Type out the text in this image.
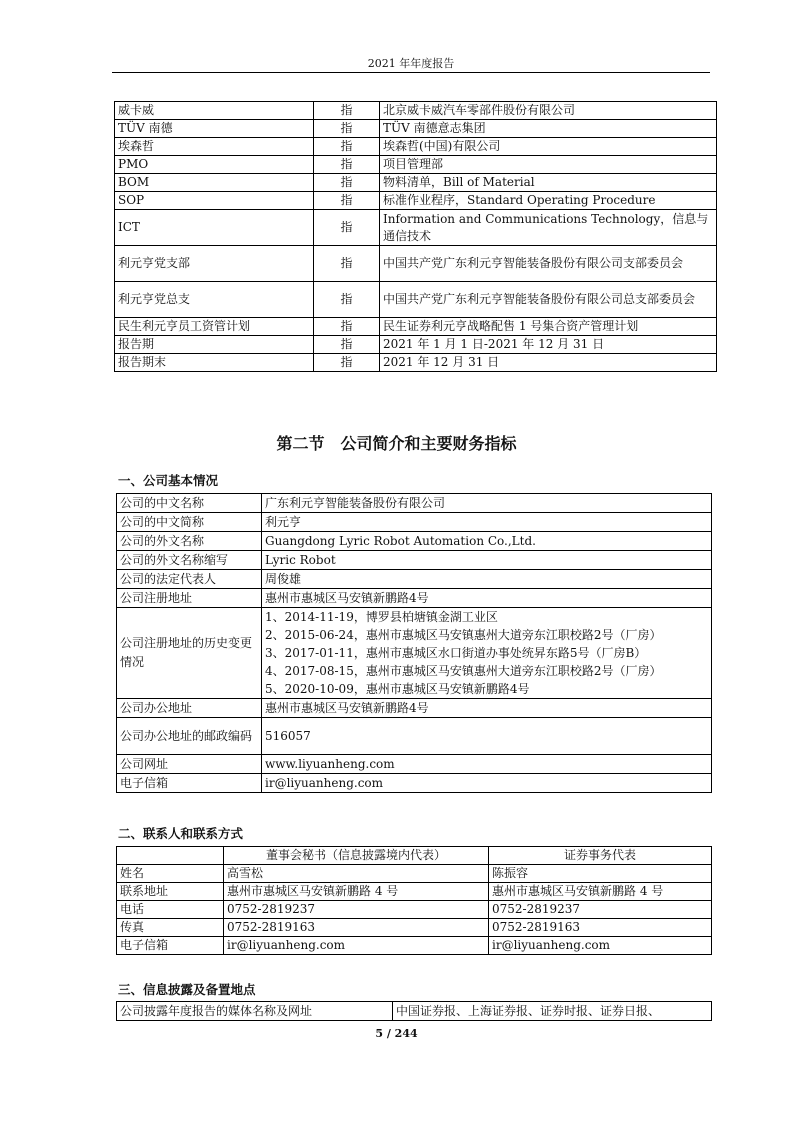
2021 年年度报告
威卡威	指	北京威卡威汽车零部件股份有限公司
TÜV 南德	指	TÜV 南德意志集团
埃森哲	指	埃森哲(中国)有限公司
PMO	指	项目管理部
BOM	指	物料清单，Bill of Material
SOP	指	标准作业程序，Standard Operating Procedure
ICT	指	Information and Communications Technology，信息与通信技术
利元亨党支部	指	中国共产党广东利元亨智能装备股份有限公司支部委员会
利元亨党总支	指	中国共产党广东利元亨智能装备股份有限公司总支部委员会
民生利元亨员工资管计划	指	民生证券利元亨战略配售 1 号集合资产管理计划
报告期	指	2021 年 1 月 1 日-2021 年 12 月 31 日
报告期末	指	2021 年 12 月 31 日
第二节　公司简介和主要财务指标
一、公司基本情况
公司的中文名称	广东利元亨智能装备股份有限公司
公司的中文简称	利元亨
公司的外文名称	Guangdong Lyric Robot Automation Co.,Ltd.
公司的外文名称缩写	Lyric Robot
公司的法定代表人	周俊雄
公司注册地址	惠州市惠城区马安镇新鹏路4号
公司注册地址的历史变更情况	1、2014-11-19，博罗县柏塘镇金湖工业区
2、2015-06-24，惠州市惠城区马安镇惠州大道旁东江职校路2号（厂房）
3、2017-01-11，惠州市惠城区水口街道办事处统昇东路5号（厂房B）
4、2017-08-15，惠州市惠城区马安镇惠州大道旁东江职校路2号（厂房）
5、2020-10-09，惠州市惠城区马安镇新鹏路4号

公司办公地址	惠州市惠城区马安镇新鹏路4号
公司办公地址的邮政编码	516057
公司网址	www.liyuanheng.com
电子信箱	ir@liyuanheng.com
二、联系人和联系方式
	董事会秘书（信息披露境内代表）	证券事务代表
姓名	高雪松	陈振容
联系地址	惠州市惠城区马安镇新鹏路 4 号	惠州市惠城区马安镇新鹏路 4 号
电话	0752-2819237	0752-2819237
传真	0752-2819163	0752-2819163
电子信箱	ir@liyuanheng.com	ir@liyuanheng.com
三、信息披露及备置地点
公司披露年度报告的媒体名称及网址	中国证券报、上海证券报、证券时报、证券日报、
5 / 244
